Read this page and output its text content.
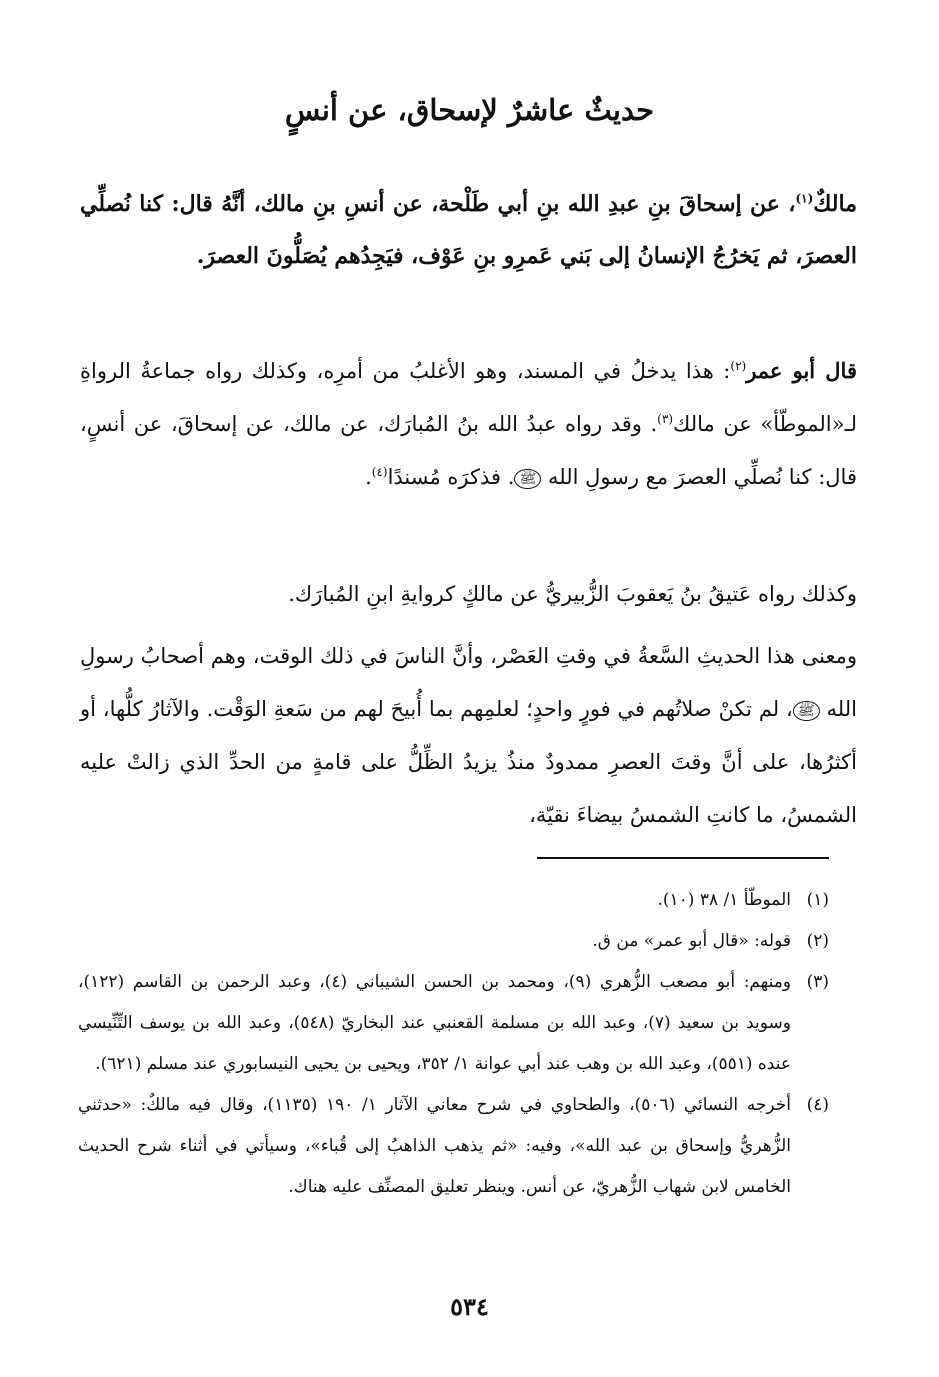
حديثٌ عاشرٌ لإسحاق، عن أنسٍ
مالكٌ$^{(١)}$، عن إسحاقَ بنِ عبدِ الله بنِ أبي طَلْحة، عن أنسِ بنِ مالك، أنَّهُ قال: كنا نُصلِّي العصرَ، ثم يَخرُجُ الإنسانُ إلى بَني عَمرِو بنِ عَوْف، فيَجِدُهم يُصَلُّونَ العصرَ.
قال أبو عمر$^{(٢)}$: هذا يدخلُ في المسند، وهو الأغلبُ من أمرِه، وكذلك رواه جماعةُ الرواةِ لـ«الموطّأ» عن مالك$^{(٣)}$. وقد رواه عبدُ الله بنُ المُبارَك، عن مالك، عن إسحاقَ، عن أنسٍ، قال: كنا نُصلِّي العصرَ مع رسولِ الله ﷺ. فذكرَه مُسندًا$^{(٤)}$.
وكذلك رواه عَتيقُ بنُ يَعقوبَ الزُّبيريُّ عن مالكٍ كروايةِ ابنِ المُبارَك.
ومعنى هذا الحديثِ السَّعةُ في وقتِ العَصْر، وأنَّ الناسَ في ذلك الوقت، وهم أصحابُ رسولِ الله ﷺ، لم تكنْ صلاتُهم في فورٍ واحدٍ؛ لعلمِهم بما أُبيحَ لهم من سَعةِ الوَقْت. والآثارُ كلُّها، أو أكثرُها، على أنَّ وقتَ العصرِ ممدودٌ منذُ يزيدُ الظِّلُّ على قامةٍ من الحدِّ الذي زالتْ عليه الشمسُ، ما كانتِ الشمسُ بيضاءَ نقيّة،

(١)الموطّأ ١/ ٣٨ (١٠).

(٢)قوله: «قال أبو عمر» من ق.

(٣)ومنهم: أبو مصعب الزُّهري (٩)، ومحمد بن الحسن الشيباني (٤)، وعبد الرحمن بن القاسم (١٢٢)، وسويد بن سعيد (٧)، وعبد الله بن مسلمة القعنبي عند البخاريّ (٥٤٨)، وعبد الله بن يوسف التِّنِّيسي عنده (٥٥١)، وعبد الله بن وهب عند أبي عوانة ١/ ٣٥٢، ويحيى بن يحيى النيسابوري عند مسلم (٦٢١).

(٤)أخرجه النسائي (٥٠٦)، والطحاوي في شرح معاني الآثار ١/ ١٩٠ (١١٣٥)، وقال فيه مالكٌ: «حدثني الزُّهريُّ وإسحاق بن عبد الله»، وفيه: «ثم يذهب الذاهبُ إلى قُباء»، وسيأتي في أثناء شرح الحديث الخامس لابن شهاب الزُّهريّ، عن أنس. وينظر تعليق المصنِّف عليه هناك.

٥٣٤
